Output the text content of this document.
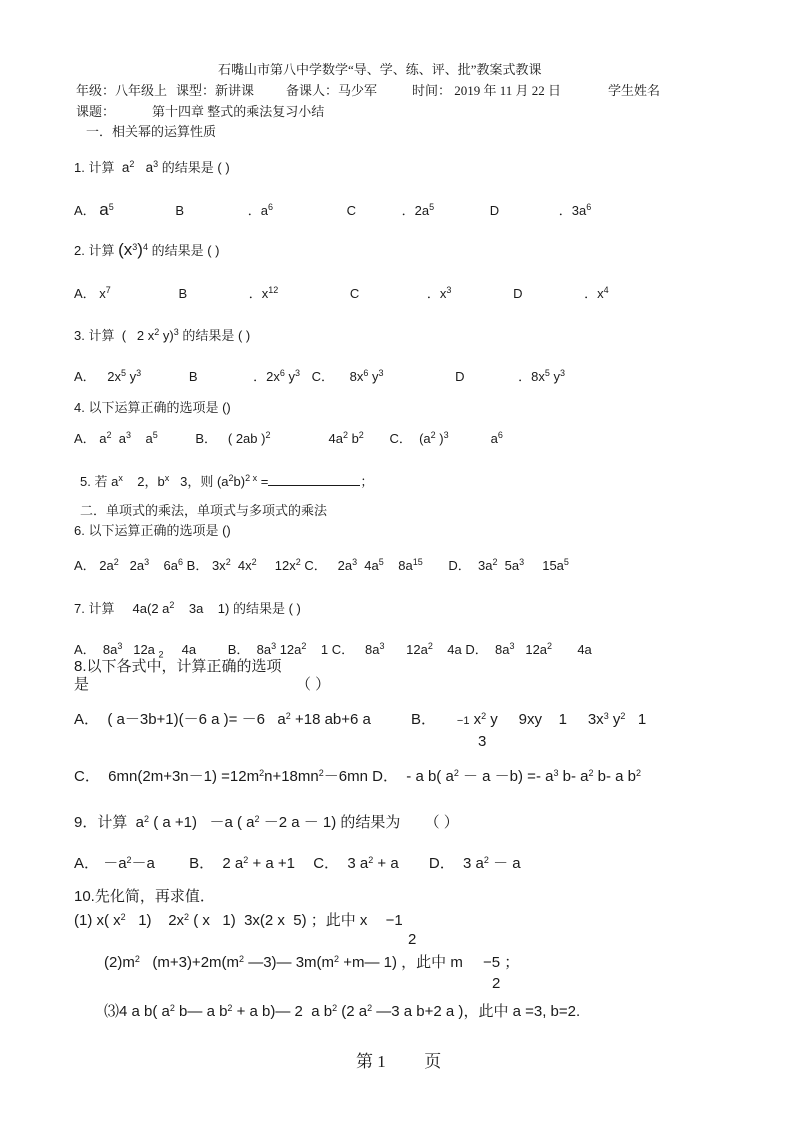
石嘴山市第八中学数学“导、学、练、评、批”教案式教课
年级：八年级上 课型：新讲课 备课人：马少军	时间： 2019 年 11 月 22 日	学生姓名
课题：	第十四章 整式的乘法复习小结
一．相关幂的运算性质
1. 计算  $a^2$   $a^3$ 的结果是 ( )
A． $a^5$	B	．$a^6$	C	．$2a^5$	D	．$3a^6$
2. 计算 $(x^3)^4$ 的结果是 ( )
A． $x^7$	B	．$x^{12}$	C	．$x^3$	D	．$x^4$
3. 计算  (   2 $x^2$ y)$^3$ 的结果是 ( )
A． $2x^5$ $y^3$	B	．$2x^6$ $y^3$ C． $8x^6$ $y^3$	D	．$8x^5$ $y^3$
4. 以下运算正确的选项是 ()
A． $a^2$  $a^3$    $a^5$	B．   ( 2ab )$^2$	$4a^2$ $b^2$ C．  ($a^2$ )$^3$	$a^6$
5. 若 $a^x$    2，$b^x$   3，则 $(a^2b)^{2 x}$ =	；
二．单项式的乘法，单项式与多项式的乘法
6. 以下运算正确的选项是 ()
A． $2a^2$   $2a^3$    $6a^6$ B． $3x^2$  $4x^2$     $12x^2$ C．   $2a^3$  $4a^5$    $8a^{15}$ D．  $3a^2$  $5a^3$     $15a^5$
7. 计算     4a(2 $a^2$    3a    1) 的结果是 ( )
A．  $8a^3$   12a $_2$     4a B．  $8a^3$ $12a^2$    1 C．   $8a^3$      $12a^2$    4a D．  $8a^3$   $12a^2$       4a
8.以下各式中，计算正确的选项
是	（ ）
A．  ( a－3b+1)(－6 a )= －6   $a^2 +18$ ab+6 a	B． −1 $x^2$ y     9xy    1     $3x^3$ $y^2$   1
3
C．  $6mn(2m+3n-1) =12m^2n+18mn^2-6mn$ D．  - a b( $a^2 - a -b) =- a^3$ b- $a^2$ b- a $b^2$
9．计算  $a^2$ ( a +1)   －a ( $a^2 -2$ a － 1) 的结果为 （ ）
A． $-a^2-a$ B．  2 $a^2 + a +1$ C．  3 $a^2 + a$ D．  3 $a^2 - a$
10.先化简，再求值．
(1) x( $x^2$   1)    $2x^2$ ( x   1)  3x(2 x  5) ；此中 x −1
2
$(2)m^2$   $(m+3)+2m(m^2$ —3)— $3m(m^2$ +m— 1) ，此中 m −5 ；
2
⑶4 a b( $a^2$ b— a $b^2 + a$ b)— 2  a $b^2$ (2 $a^2$ —3 a b+2 a )，此中 a =3, b=2.
第 1 页
